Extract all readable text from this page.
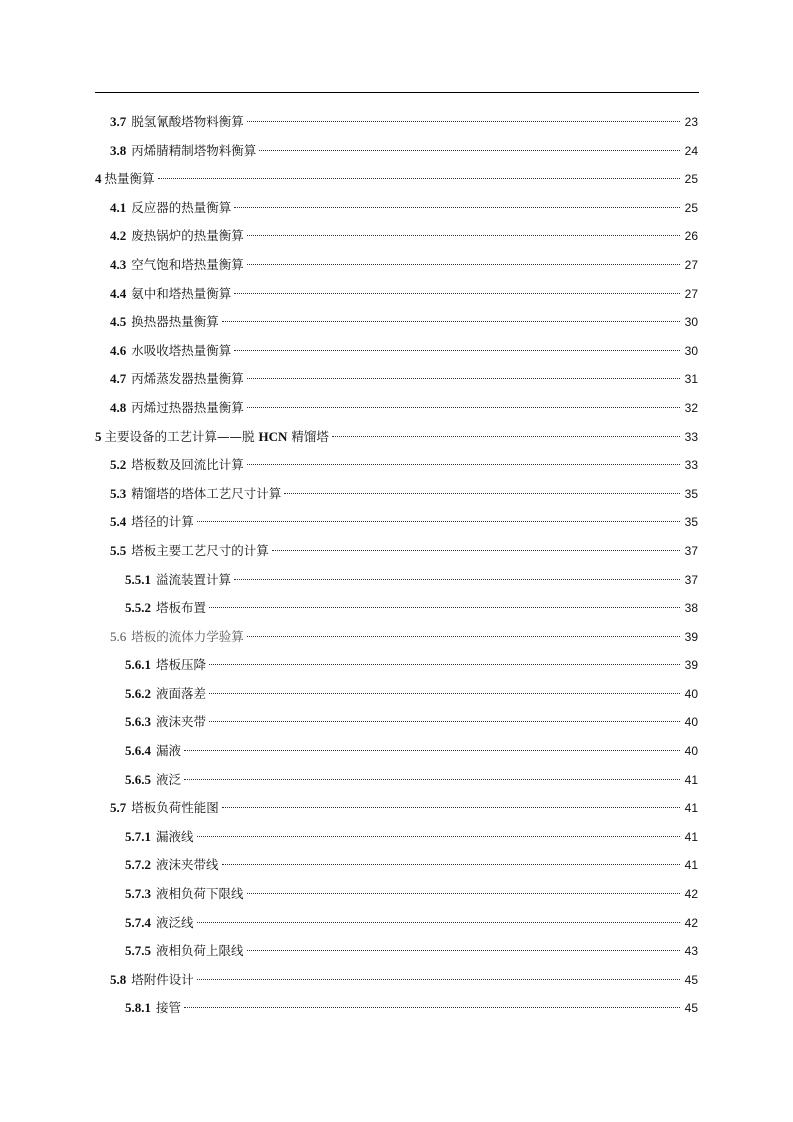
3.7 脱氢氰酸塔物料衡算	23
3.8 丙烯腈精制塔物料衡算	24
4 热量衡算	25
4.1 反应器的热量衡算	25
4.2 废热锅炉的热量衡算	26
4.3 空气饱和塔热量衡算	27
4.4 氨中和塔热量衡算	27
4.5 换热器热量衡算	30
4.6 水吸收塔热量衡算	30
4.7 丙烯蒸发器热量衡算	31
4.8 丙烯过热器热量衡算	32
5 主要设备的工艺计算——脱 HCN 精馏塔	33
5.2 塔板数及回流比计算	33
5.3 精馏塔的塔体工艺尺寸计算	35
5.4 塔径的计算	35
5.5 塔板主要工艺尺寸的计算	37
5.5.1 溢流装置计算	37
5.5.2 塔板布置	38
5.6 塔板的流体力学验算	39
5.6.1 塔板压降	39
5.6.2 液面落差	40
5.6.3 液沫夹带	40
5.6.4 漏液	40
5.6.5 液泛	41
5.7 塔板负荷性能图	41
5.7.1 漏液线	41
5.7.2 液沫夹带线	41
5.7.3 液相负荷下限线	42
5.7.4 液泛线	42
5.7.5 液相负荷上限线	43
5.8 塔附件设计	45
5.8.1 接管	45
